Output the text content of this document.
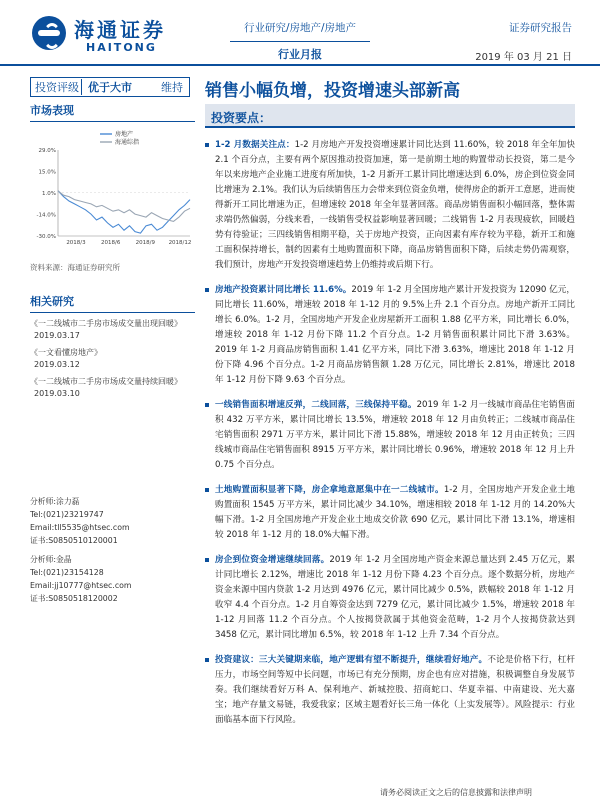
海通证券
HAITONG
行业研究/房地产/房地产
行业月报
证券研究报告
2019 年 03 月 21 日
投资评级 优于大市	维持	销售小幅负增，投资增速头部新高
市场表现
29.0%
15.0%
1.0%
-14.0%
-30.0%
2018/3	2018/6	2018/9 2018/12
房地产
海通综指
资料来源：海通证券研究所
相关研究
《一二线城市二手房市场成交量出现回暖》
2019.03.17
《一文看懂房地产》
2019.03.12
《一二线城市二手房市场成交量持续回暖》
2019.03.10
分析师:涂力磊
Tel:(021)23219747
Email:tll5535@htsec.com
证书:S0850510120001
分析师:金晶
Tel:(021)23154128
Email:jj10777@htsec.com
证书:S0850518120002
投资要点：

1-2 月数据关注点：1-2 月房地产开发投资增速累计同比达到 11.60%，较 2018 年全年加快 2.1 个百分点，主要有两个原因推动投资加速，第一是前期土地的购置带动长投资，第二是今年以来房地产企业施工进度有所加快，1-2 月新开工累计同比增速达到 6.0%，房企到位资金同比增速为 2.1%。我们认为后续销售压力会带来到位资金负增，使得房企的新开工意愿，进而使得新开工同比增速为正，但增速较 2018 年全年显著回落。商品房销售面积小幅回落，整体需求端仍然偏弱，分线来看，一线销售受权益影响显著回暖；二线销售 1-2 月表现疲软，回暖趋势有待验证；三四线销售相期平稳，关于房地产投资，正向因素有库存较为平稳，新开工和施工面积保持增长，制约因素有土地购置面积下降，商品房销售面积下降，后续走势仍需观察，我们预计，房地产开发投资增速趋势上仍维持或后期下行。

房地产投资累计同比增长 11.6%。2019 年 1-2 月全国房地产累计开发投资为 12090 亿元，同比增长 11.60%，增速较 2018 年 1-12 月的 9.5%上升 2.1 个百分点。房地产新开工同比增长 6.0%。1-2 月，全国房地产开发企业房屋新开工面积 1.88 亿平方米，同比增长 6.0%，增速较 2018 年 1-12 月份下降 11.2 个百分点。1-2 月销售面积累计同比下滑 3.63%。2019 年 1-2 月商品房销售面积 1.41 亿平方米，同比下滑 3.63%，增速比 2018 年 1-12 月份下降 4.96 个百分点。1-2 月商品房销售额 1.28 万亿元，同比增长 2.81%，增速比 2018 年 1-12 月份下降 9.63 个百分点。

一线销售面积增速反弹，二线回落，三线保持平稳。2019 年 1-2 月一线城市商品住宅销售面积 432 万平方米，累计同比增长 13.5%，增速较 2018 年 12 月由负转正；二线城市商品住宅销售面积 2971 万平方米，累计同比下滑 15.88%，增速较 2018 年 12 月由正转负；三四线城市商品住宅销售面积 8915 万平方米，累计同比增长 0.96%，增速较 2018 年 12 月上升 0.75 个百分点。

土地购置面积显著下降，房企拿地意愿集中在一二线城市。1-2 月，全国房地产开发企业土地购置面积 1545 万平方米，累计同比减少 34.10%，增速相较 2018 年 1-12 月的 14.20%大幅下滑。1-2 月全国房地产开发企业土地成交价款 690 亿元，累计同比下滑 13.1%，增速相较 2018 年 1-12 月的 18.0%大幅下滑。

房企到位资金增速继续回落。2019 年 1-2 月全国房地产资金来源总量达到 2.45 万亿元，累计同比增长 2.12%，增速比 2018 年 1-12 月份下降 4.23 个百分点。逐个数据分析，房地产资金来源中国内贷款 1-2 月达到 4976 亿元，累计同比减少 0.5%，跌幅较 2018 年 1-12 月收窄 4.4 个百分点。1-2 月自筹资金达到 7279 亿元，累计同比减少 1.5%，增速较 2018 年 1-12 月回落 11.2 个百分点。个人按揭贷款属于其他资金范畴，1-2 月个人按揭贷款达到 3458 亿元，累计同比增加 6.5%，较 2018 年 1-12 上升 7.34 个百分点。

投资建议：三大关键期来临，地产逻辑有望不断提升，继续看好地产。不论是价格下行，杠杆压力，市场空间等短中长问题，市场已有充分预期，房企也有应对措施，积极调整自身发展节奏。我们继续看好万科 A、保利地产、新城控股、招商蛇口、华夏幸福、中南建设、光大嘉宝；地产存量文易链，我爱我家；区域主题看好长三角一体化（上实发展等）。风险提示：行业面临基本面下行风险。

请务必阅读正文之后的信息披露和法律声明
